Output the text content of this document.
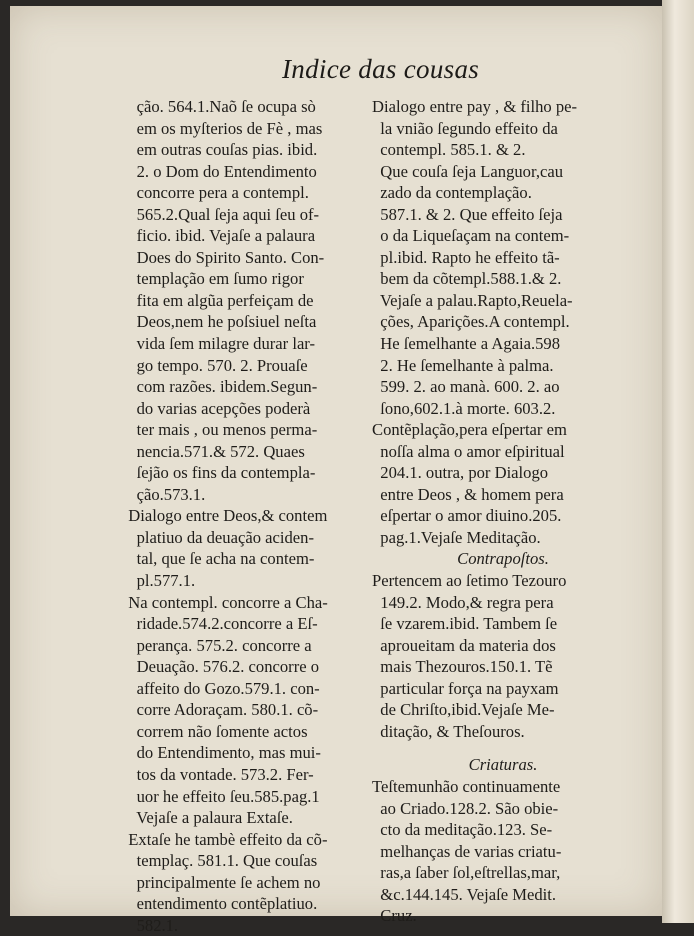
Indice das cousas
ção. 564.1.Naõ ſe ocupa sò
em os myſterios de Fè , mas
em outras couſas pias. ibid.
2. o Dom do Entendimento
concorre pera a contempl.
565.2.Qual ſeja aqui ſeu of-
ficio. ibid. Vejaſe a palaura
Does do Spirito Santo. Con-
templação em ſumo rigor
fita em algũa perfeiçam de
Deos,nem he poſsiuel neſta
vida ſem milagre durar lar-
go tempo. 570. 2. Prouaſe
com razões. ibidem.Segun-
do varias acepções poderà
ter mais , ou menos perma-
nencia.571.& 572. Quaes
ſejão os fins da contempla-
ção.573.1.
Dialogo entre Deos,& contem
platiuo da deuação aciden-
tal, que ſe acha na contem-
pl.577.1.
Na contempl. concorre a Cha-
ridade.574.2.concorre a Eſ-
perança. 575.2. concorre a
Deuação. 576.2. concorre o
affeito do Gozo.579.1. con-
corre Adoraçam. 580.1. cõ-
correm não ſomente actos
do Entendimento, mas mui-
tos da vontade. 573.2. Fer-
uor he effeito ſeu.585.pag.1
Vejaſe a palaura Extaſe.
Extaſe he tambè effeito da cõ-
templaç. 581.1. Que couſas
principalmente ſe achem no
entendimento contẽplatiuo.
582.1.
Dialogo entre pay , & filho pe-
la vnião ſegundo effeito da
contempl. 585.1. & 2.
Que couſa ſeja Languor,cau
zado da contemplação.
587.1. & 2. Que effeito ſeja
o da Liqueſaçam na contem-
pl.ibid. Rapto he effeito tã-
bem da cõtempl.588.1.& 2.
Vejaſe a palau.Rapto,Reuela-
ções, Aparições.A contempl.
He ſemelhante a Agaia.598
2. He ſemelhante à palma.
599. 2. ao manà. 600. 2. ao
ſono,602.1.à morte. 603.2.
Contẽplação,pera eſpertar em
noſſa alma o amor eſpiritual
204.1. outra, por Dialogo
entre Deos , & homem pera
eſpertar o amor diuino.205.
pag.1.Vejaſe Meditação.
Contrapoſtos.
Pertencem ao ſetimo Tezouro
149.2. Modo,& regra pera
ſe vzarem.ibid. Tambem ſe
aproueitam da materia dos
mais Thezouros.150.1. Tẽ
particular força na payxam
de Chriſto,ibid.Vejaſe Me-
ditação, & Theſouros.
Criaturas.
Teſtemunhão continuamente
ao Criado.128.2. São obie-
cto da meditação.123. Se-
melhanças de varias criatu-
ras,a ſaber ſol,eſtrellas,mar,
&c.144.145. Vejaſe Medit.
Cruz.
